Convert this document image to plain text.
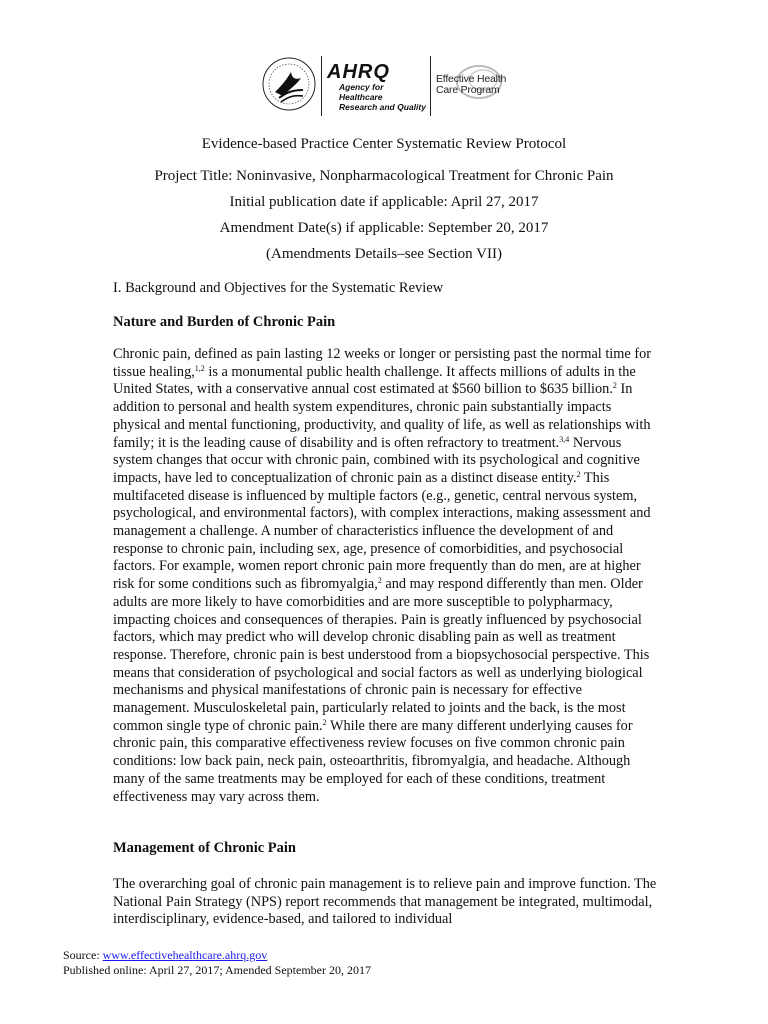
AHRQ
Agency for Healthcare
Research and Quality
Effective Health
Care Program
Evidence-based Practice Center Systematic Review Protocol
Project Title: Noninvasive, Nonpharmacological Treatment for Chronic Pain
Initial publication date if applicable: April 27, 2017
Amendment Date(s) if applicable: September 20, 2017
(Amendments Details–see Section VII)
I. Background and Objectives for the Systematic Review
Nature and Burden of Chronic Pain
Chronic pain, defined as pain lasting 12 weeks or longer or persisting past the normal time for tissue healing,$^{1,2}$ is a monumental public health challenge. It affects millions of adults in the United States, with a conservative annual cost estimated at $560 billion to $635 billion.$^2$ In addition to personal and health system expenditures, chronic pain substantially impacts physical and mental functioning, productivity, and quality of life, as well as relationships with family; it is the leading cause of disability and is often refractory to treatment.$^{3,4}$ Nervous system changes that occur with chronic pain, combined with its psychological and cognitive impacts, have led to conceptualization of chronic pain as a distinct disease entity.$^2$ This multifaceted disease is influenced by multiple factors (e.g., genetic, central nervous system, psychological, and environmental factors), with complex interactions, making assessment and management a challenge. A number of characteristics influence the development of and response to chronic pain, including sex, age, presence of comorbidities, and psychosocial factors. For example, women report chronic pain more frequently than do men, are at higher risk for some conditions such as fibromyalgia,$^2$ and may respond differently than men. Older adults are more likely to have comorbidities and are more susceptible to polypharmacy, impacting choices and consequences of therapies. Pain is greatly influenced by psychosocial factors, which may predict who will develop chronic disabling pain as well as treatment response. Therefore, chronic pain is best understood from a biopsychosocial perspective. This means that consideration of psychological and social factors as well as underlying biological mechanisms and physical manifestations of chronic pain is necessary for effective management. Musculoskeletal pain, particularly related to joints and the back, is the most common single type of chronic pain.$^2$ While there are many different underlying causes for chronic pain, this comparative effectiveness review focuses on five common chronic pain conditions: low back pain, neck pain, osteoarthritis, fibromyalgia, and headache. Although many of the same treatments may be employed for each of these conditions, treatment effectiveness may vary across them.
Management of Chronic Pain
The overarching goal of chronic pain management is to relieve pain and improve function. The National Pain Strategy (NPS) report recommends that management be integrated, multimodal, interdisciplinary, evidence-based, and tailored to individual
Source: www.effectivehealthcare.ahrq.gov
Published online: April 27, 2017; Amended September 20, 2017
